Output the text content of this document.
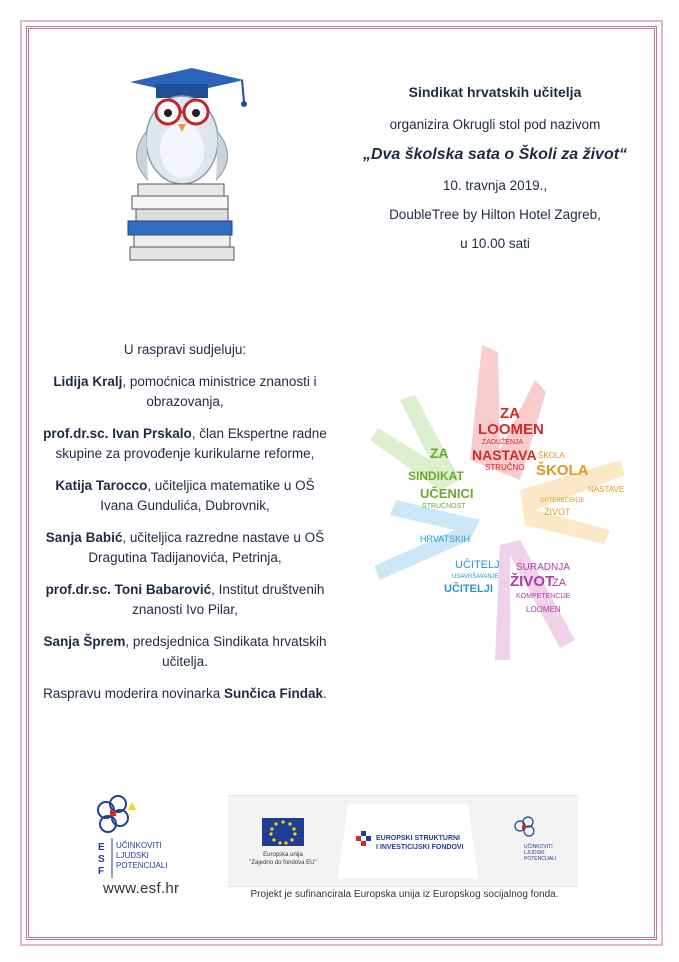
Sindikat hrvatskih učitelja

organizira Okrugli stol pod nazivom

„Dva školska sata o Školi za život“

10. travnja 2019.,

DoubleTree by Hilton Hotel Zagreb,

u 10.00 sati

U raspravi sudjeluju:

Lidija Kralj, pomoćnica ministrice znanosti i obrazovanja,

prof.dr.sc. Ivan Prskalo, član Ekspertne radne skupine za provođenje kurikularne reforme,

Katija Tarocco, učiteljica matematike u OŠ Ivana Gundulića, Dubrovnik,

Sanja Babić, učiteljica razredne nastave u OŠ Dragutina Tadijanovića, Petrinja,

prof.dr.sc. Toni Babarović, Institut društvenih znanosti Ivo Pilar,

Sanja Šprem, predsjednica Sindikata hrvatskih učitelja.

Raspravu moderira novinarka Sunčica Findak.

ZA
LOOMEN
ZADUŽENJA
NASTAVA
STRUČNO
SINDIKAT
ZA
UČENICI
STRUČNOST
ŠKOLA
ŠKOLA
NASTAVE
ŽIVOT
OPTEREĆENJE
HRVATSKIH
UČITELJ
USAVRŠAVANJE
UČITELJI
SURADNJA
ŽIVOT
ZA
KOMPETENCIJE
LOOMEN
E
S
F
UČINKOVITI
LJUDSKI
POTENCIJALI
www.esf.hr
Europska unija
"Zajedno do fondova EU"
EUROPSKI STRUKTURNI
I INVESTICIJSKI FONDOVI	UČINKOVITI
LJUDSKI
POTENCIJALI
Projekt je sufinancirala Europska unija iz Europskog socijalnog fonda.
